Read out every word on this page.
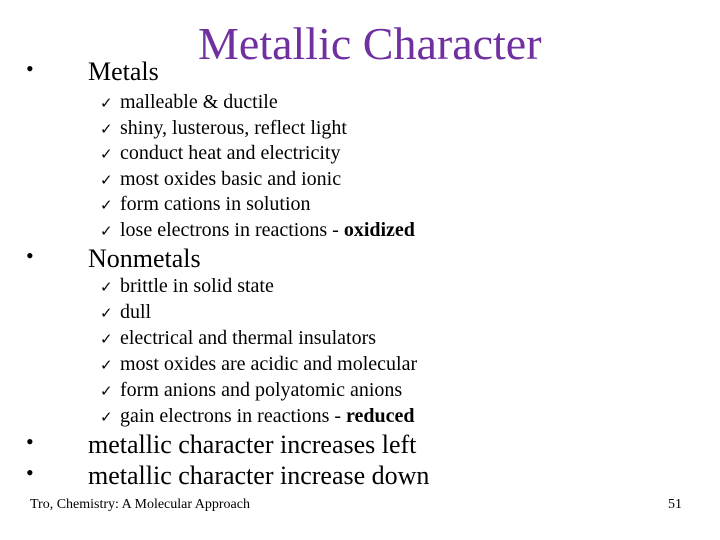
Metallic Character
• Metals
✓ malleable & ductile
✓ shiny, lusterous, reflect light
✓ conduct heat and electricity
✓ most oxides basic and ionic
✓ form cations in solution
✓ lose electrons in reactions - oxidized
• Nonmetals
✓ brittle in solid state
✓ dull
✓ electrical and thermal insulators
✓ most oxides are acidic and molecular
✓ form anions and polyatomic anions
✓ gain electrons in reactions - reduced
• metallic character increases left
• metallic character increase down
Tro, Chemistry: A Molecular Approach	51
